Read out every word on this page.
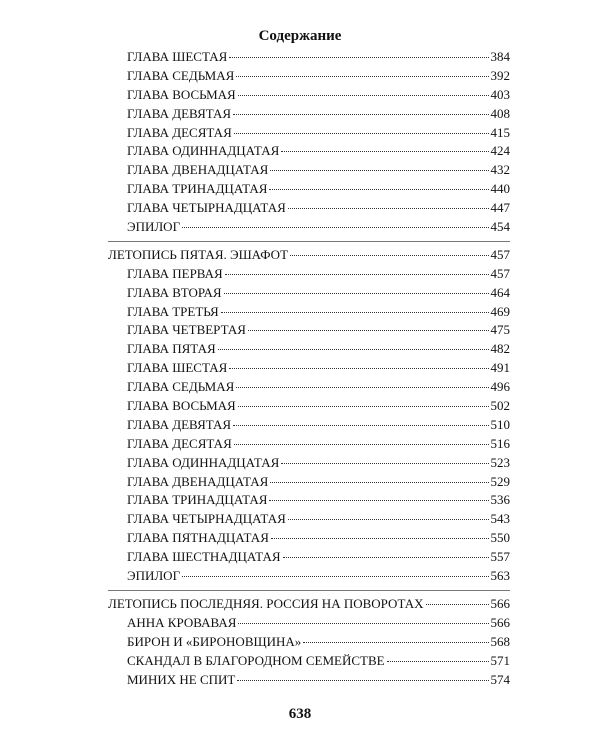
Содержание
ГЛАВА ШЕСТАЯ	384
ГЛАВА СЕДЬМАЯ	392
ГЛАВА ВОСЬМАЯ	403
ГЛАВА ДЕВЯТАЯ	408
ГЛАВА ДЕСЯТАЯ	415
ГЛАВА ОДИННАДЦАТАЯ	424
ГЛАВА ДВЕНАДЦАТАЯ	432
ГЛАВА ТРИНАДЦАТАЯ	440
ГЛАВА ЧЕТЫРНАДЦАТАЯ	447
ЭПИЛОГ	454
ЛЕТОПИСЬ ПЯТАЯ. ЭШАФОТ	457
ГЛАВА ПЕРВАЯ	457
ГЛАВА ВТОРАЯ	464
ГЛАВА ТРЕТЬЯ	469
ГЛАВА ЧЕТВЕРТАЯ	475
ГЛАВА ПЯТАЯ	482
ГЛАВА ШЕСТАЯ	491
ГЛАВА СЕДЬМАЯ	496
ГЛАВА ВОСЬМАЯ	502
ГЛАВА ДЕВЯТАЯ	510
ГЛАВА ДЕСЯТАЯ	516
ГЛАВА ОДИННАДЦАТАЯ	523
ГЛАВА ДВЕНАДЦАТАЯ	529
ГЛАВА ТРИНАДЦАТАЯ	536
ГЛАВА ЧЕТЫРНАДЦАТАЯ	543
ГЛАВА ПЯТНАДЦАТАЯ	550
ГЛАВА ШЕСТНАДЦАТАЯ	557
ЭПИЛОГ	563
ЛЕТОПИСЬ ПОСЛЕДНЯЯ. РОССИЯ НА ПОВОРОТАХ	566
АННА КРОВАВАЯ	566
БИРОН И «БИРОНОВЩИНА»	568
СКАНДАЛ В БЛАГОРОДНОМ СЕМЕЙСТВЕ	571
МИНИХ НЕ СПИТ	574
638
